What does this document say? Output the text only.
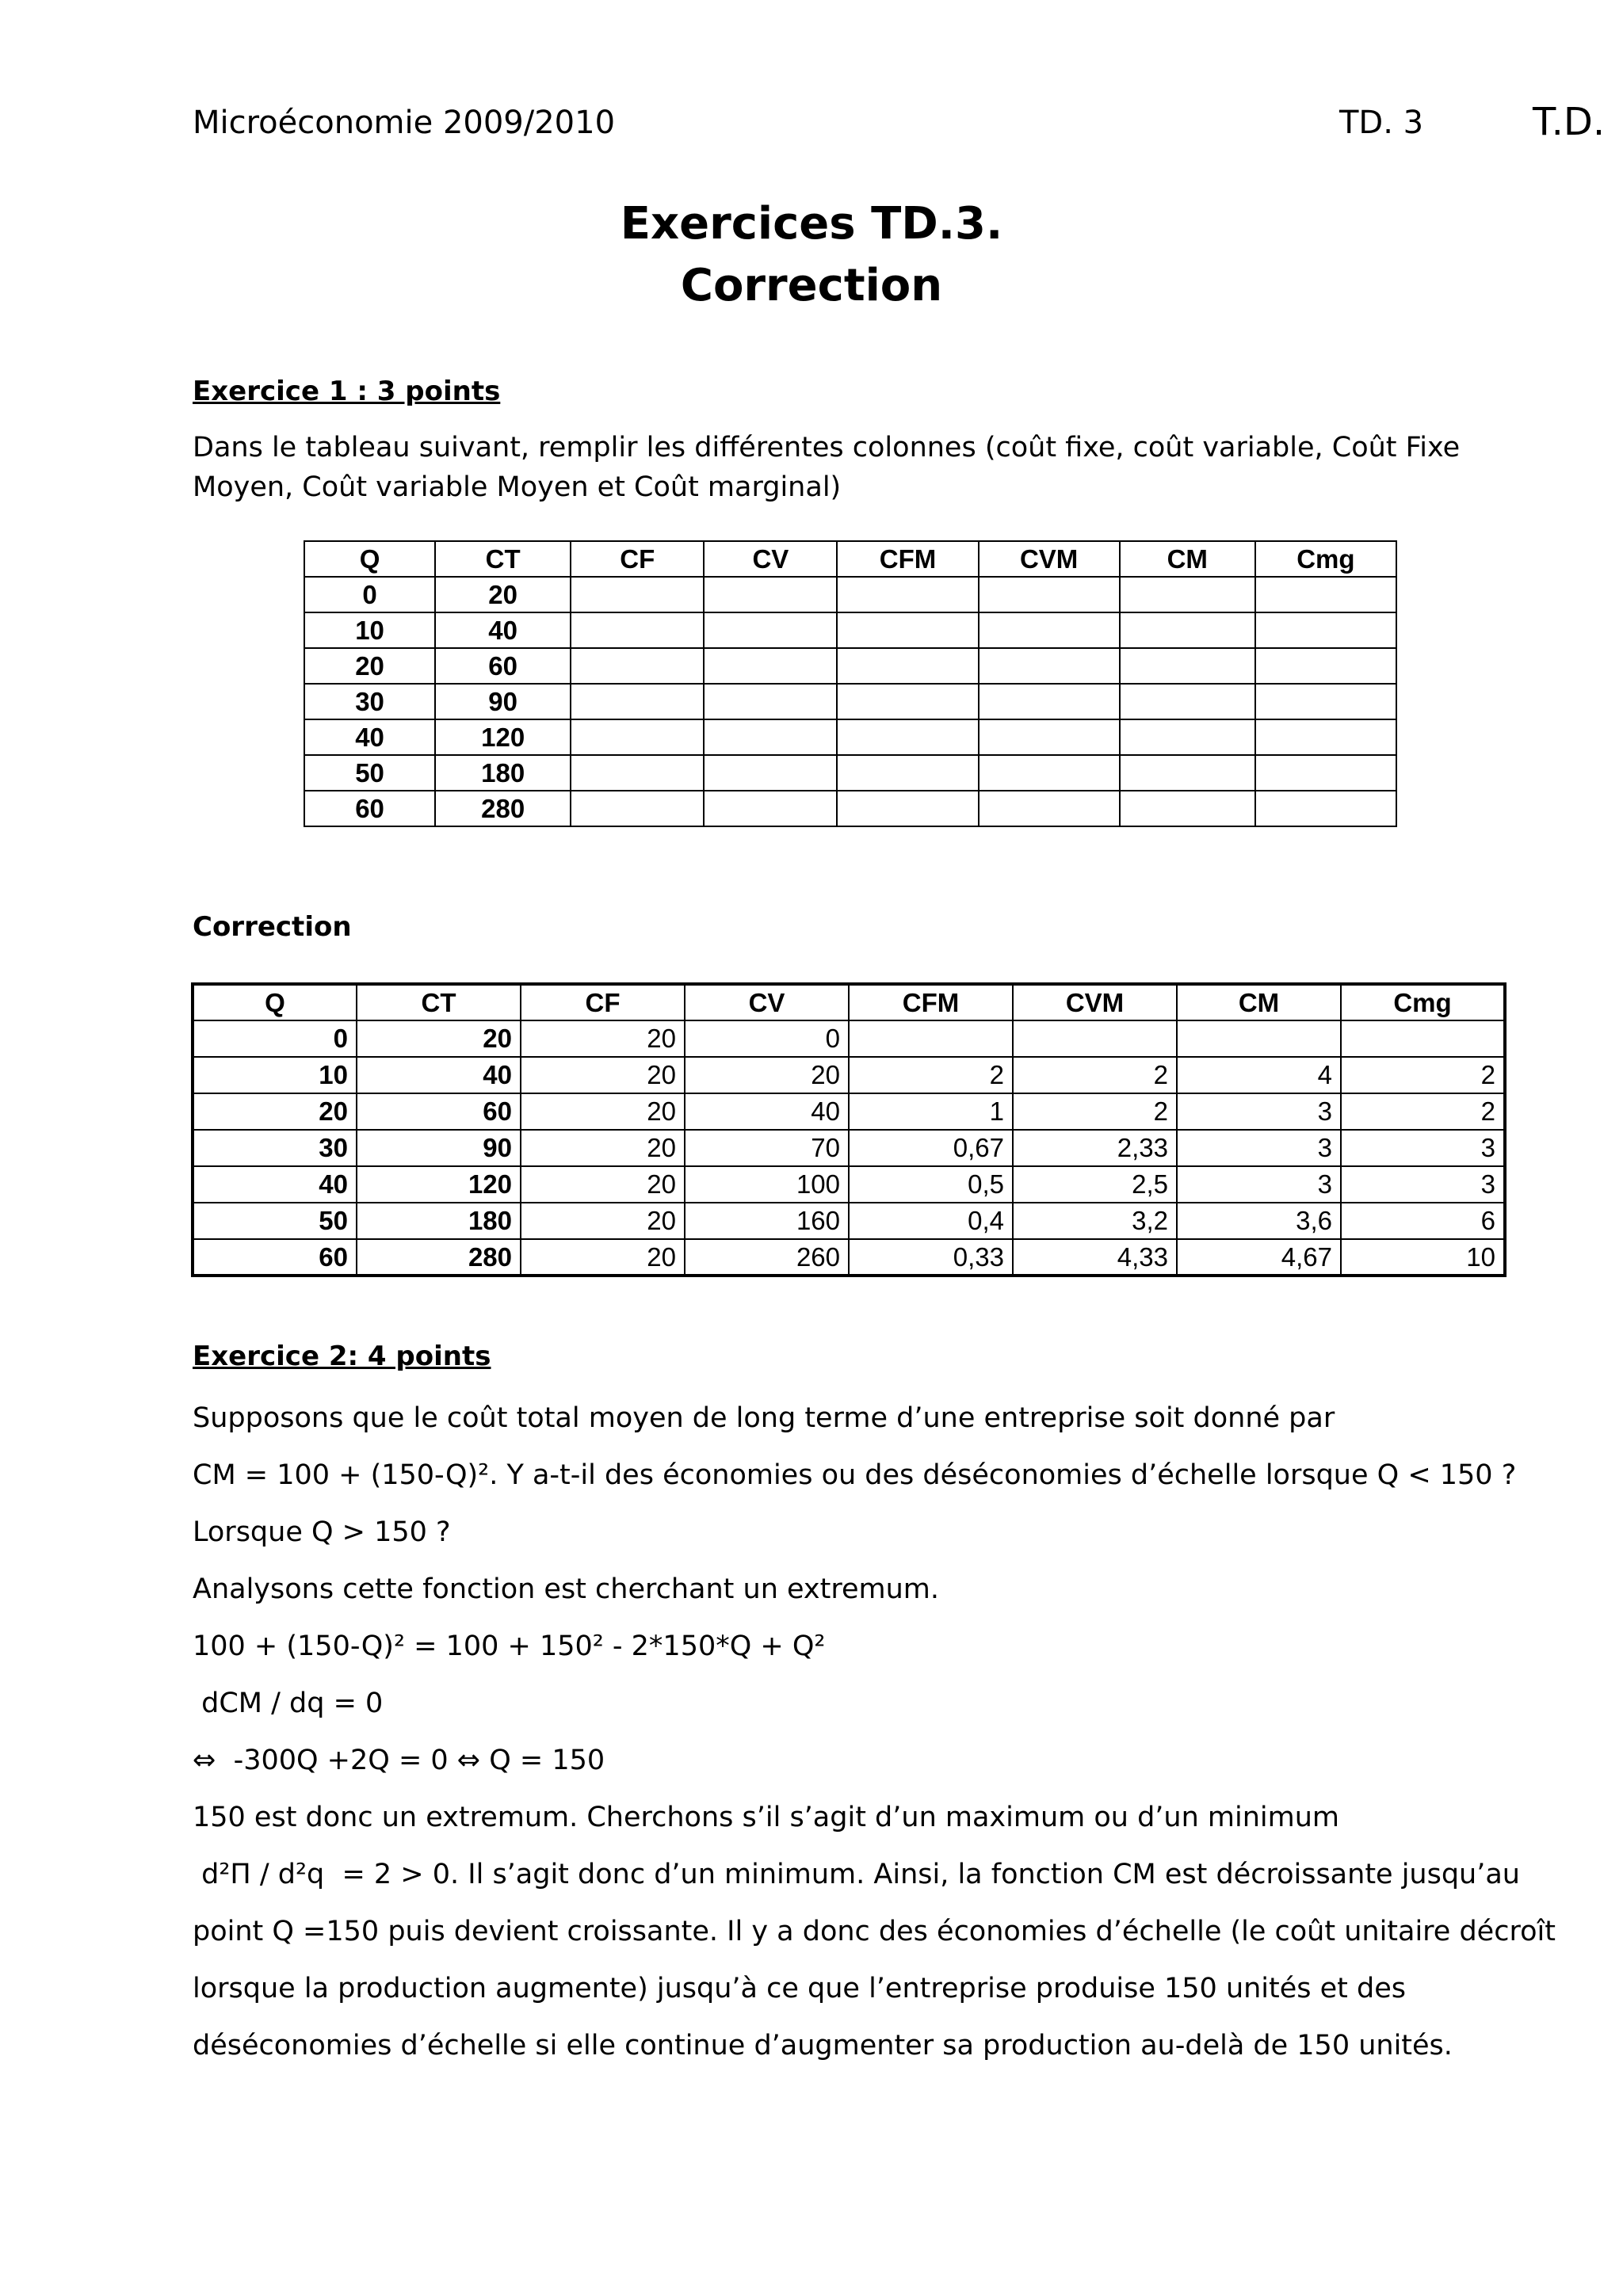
Microéconomie 2009/2010	TD. 3	T.D.
Exercices TD.3.
Correction
Exercice 1 : 3 points
Dans le tableau suivant, remplir les différentes colonnes (coût fixe, coût variable, Coût Fixe Moyen, Coût variable Moyen et Coût marginal)
Q	CT	CF	CV	CFM	CVM	CM	Cmg
0	20						
10	40						
20	60						
30	90						
40	120						
50	180						
60	280						
Correction
Q	CT	CF	CV	CFM	CVM	CM	Cmg
0	20	20	0				
10	40	20	20	2	2	4	2
20	60	20	40	1	2	3	2
30	90	20	70	0,67	2,33	3	3
40	120	20	100	0,5	2,5	3	3
50	180	20	160	0,4	3,2	3,6	6
60	280	20	260	0,33	4,33	4,67	10
Exercice 2: 4 points
Supposons que le coût total moyen de long terme d’une entreprise soit donné par
CM = 100 + (150-Q)². Y a-t-il des économies ou des déséconomies d’échelle lorsque Q < 150 ?
Lorsque Q > 150 ?
Analysons cette fonction est cherchant un extremum.
100 + (150-Q)² = 100 + 150² - 2*150*Q + Q²
dCM / dq = 0
⇔  -300Q +2Q = 0 ⇔ Q = 150
150 est donc un extremum. Cherchons s’il s’agit d’un maximum ou d’un minimum
d²Π / d²q  = 2 > 0. Il s’agit donc d’un minimum. Ainsi, la fonction CM est décroissante jusqu’au
point Q =150 puis devient croissante. Il y a donc des économies d’échelle (le coût unitaire décroît
lorsque la production augmente) jusqu’à ce que l’entreprise produise 150 unités et des
déséconomies d’échelle si elle continue d’augmenter sa production au-delà de 150 unités.
